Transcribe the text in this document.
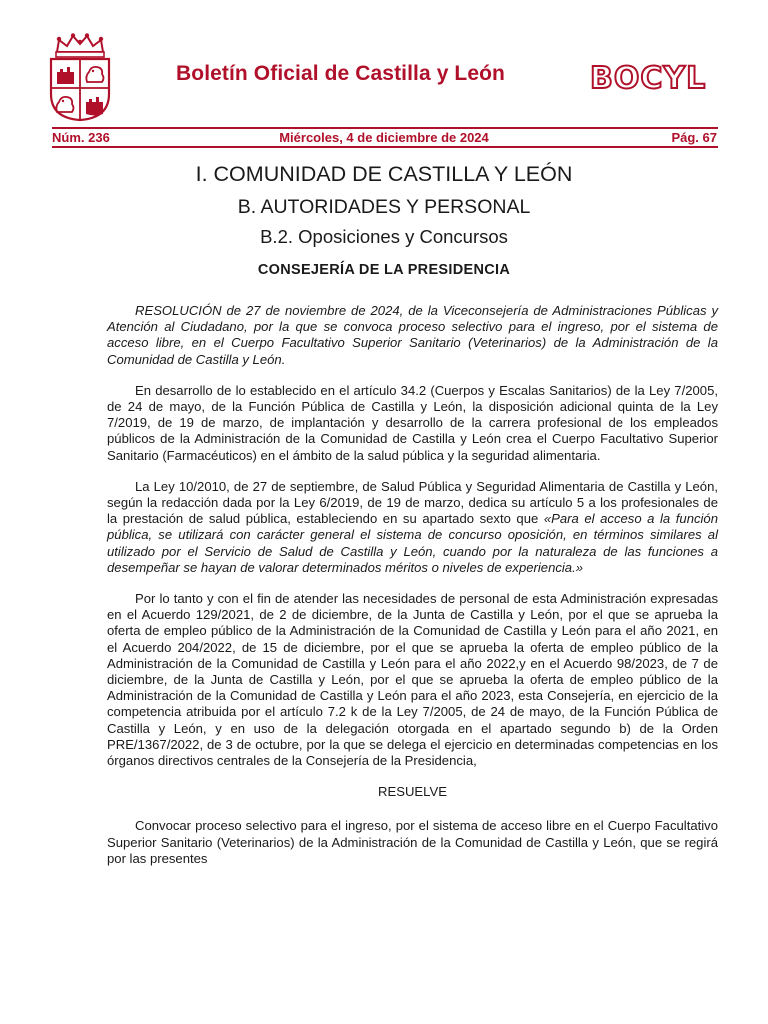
Boletín Oficial de Castilla y León	BOCYL
Núm. 236	Miércoles, 4 de diciembre de 2024	Pág. 67
I. COMUNIDAD DE CASTILLA Y LEÓN
B. AUTORIDADES Y PERSONAL
B.2. Oposiciones y Concursos
CONSEJERÍA DE LA PRESIDENCIA

RESOLUCIÓN de 27 de noviembre de 2024, de la Viceconsejería de Administraciones Públicas y Atención al Ciudadano, por la que se convoca proceso selectivo para el ingreso, por el sistema de acceso libre, en el Cuerpo Facultativo Superior Sanitario (Veterinarios) de la Administración de la Comunidad de Castilla y León.

En desarrollo de lo establecido en el artículo 34.2 (Cuerpos y Escalas Sanitarios) de la Ley 7/2005, de 24 de mayo, de la Función Pública de Castilla y León, la disposición adicional quinta de la Ley 7/2019, de 19 de marzo, de implantación y desarrollo de la carrera profesional de los empleados públicos de la Administración de la Comunidad de Castilla y León crea el Cuerpo Facultativo Superior Sanitario (Farmacéuticos) en el ámbito de la salud pública y la seguridad alimentaria.

La Ley 10/2010, de 27 de septiembre, de Salud Pública y Seguridad Alimentaria de Castilla y León, según la redacción dada por la Ley 6/2019, de 19 de marzo, dedica su artículo 5 a los profesionales de la prestación de salud pública, estableciendo en su apartado sexto que «Para el acceso a la función pública, se utilizará con carácter general el sistema de concurso oposición, en términos similares al utilizado por el Servicio de Salud de Castilla y León, cuando por la naturaleza de las funciones a desempeñar se hayan de valorar determinados méritos o niveles de experiencia.»

Por lo tanto y con el fin de atender las necesidades de personal de esta Administración expresadas en el Acuerdo 129/2021, de 2 de diciembre, de la Junta de Castilla y León, por el que se aprueba la oferta de empleo público de la Administración de la Comunidad de Castilla y León para el año 2021, en el Acuerdo 204/2022, de 15 de diciembre, por el que se aprueba la oferta de empleo público de la Administración de la Comunidad de Castilla y León para el año 2022,y en el Acuerdo 98/2023, de 7 de diciembre, de la Junta de Castilla y León, por el que se aprueba la oferta de empleo público de la Administración de la Comunidad de Castilla y León para el año 2023, esta Consejería, en ejercicio de la competencia atribuida por el artículo 7.2 k de la Ley 7/2005, de 24 de mayo, de la Función Pública de Castilla y León, y en uso de la delegación otorgada en el apartado segundo b) de la Orden PRE/1367/2022, de 3 de octubre, por la que se delega el ejercicio en determinadas competencias en los órganos directivos centrales de la Consejería de la Presidencia,

RESUELVE

Convocar proceso selectivo para el ingreso, por el sistema de acceso libre en el Cuerpo Facultativo Superior Sanitario (Veterinarios) de la Administración de la Comunidad de Castilla y León, que se regirá por las presentes
